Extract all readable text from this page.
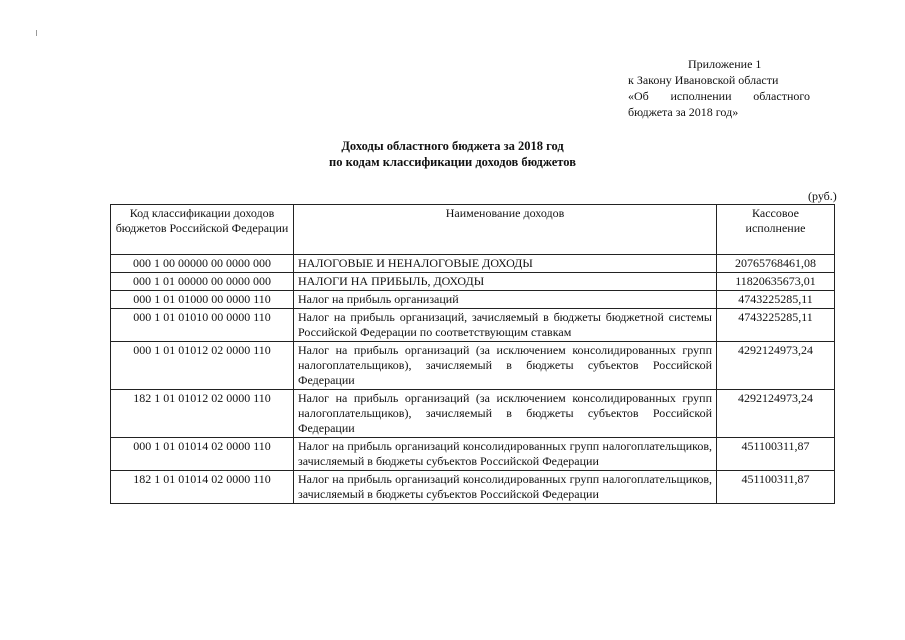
Приложение 1
к Закону Ивановской области
«Об исполнении областного
бюджета за 2018 год»
Доходы областного бюджета за 2018 год
по кодам классификации доходов бюджетов
(руб.)
Код классификации доходов бюджетов Российской Федерации	Наименование доходов	Кассовое исполнение
000 1 00 00000 00 0000 000	НАЛОГОВЫЕ И НЕНАЛОГОВЫЕ ДОХОДЫ	20765768461,08
000 1 01 00000 00 0000 000	НАЛОГИ НА ПРИБЫЛЬ, ДОХОДЫ	11820635673,01
000 1 01 01000 00 0000 110	Налог на прибыль организаций	4743225285,11
000 1 01 01010 00 0000 110	Налог на прибыль организаций, зачисляемый в бюджеты бюджетной системы Российской Федерации по соответствующим ставкам	4743225285,11
000 1 01 01012 02 0000 110	Налог на прибыль организаций (за исключением консолидированных групп налогоплательщиков), зачисляемый в бюджеты субъектов Российской Федерации	4292124973,24
182 1 01 01012 02 0000 110	Налог на прибыль организаций (за исключением консолидированных групп налогоплательщиков), зачисляемый в бюджеты субъектов Российской Федерации	4292124973,24
000 1 01 01014 02 0000 110	Налог на прибыль организаций консолидированных групп налогоплательщиков, зачисляемый в бюджеты субъектов Российской Федерации	451100311,87
182 1 01 01014 02 0000 110	Налог на прибыль организаций консолидированных групп налогоплательщиков, зачисляемый в бюджеты субъектов Российской Федерации	451100311,87
